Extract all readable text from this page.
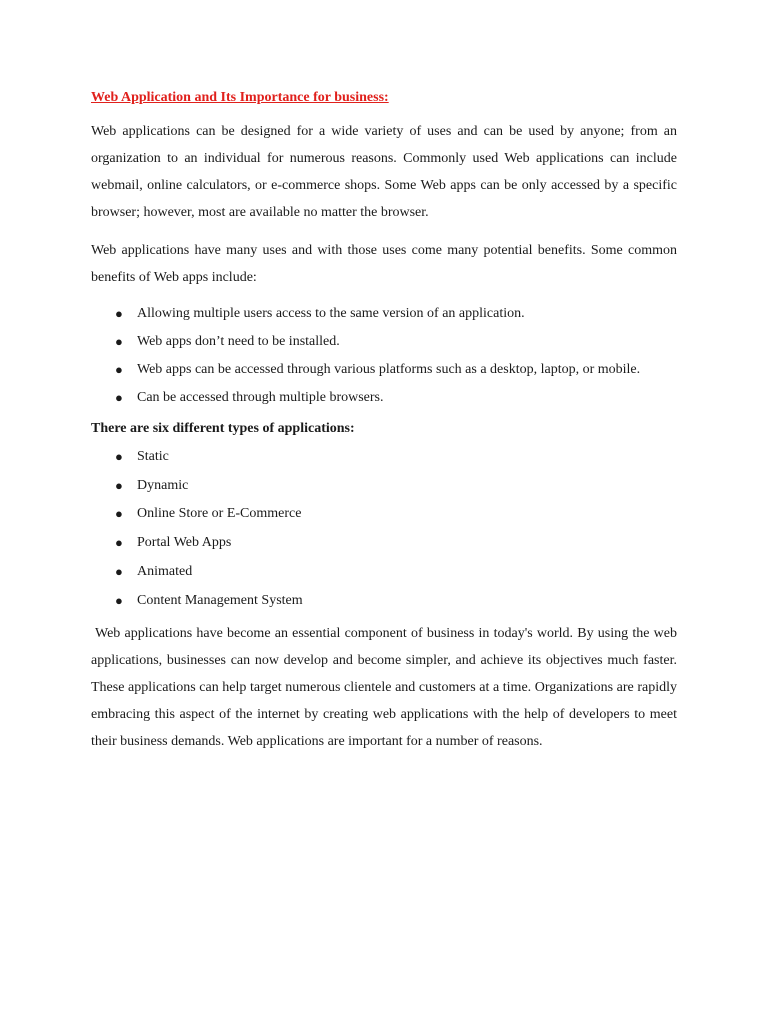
Web Application and Its Importance for business:

Web applications can be designed for a wide variety of uses and can be used by anyone; from an organization to an individual for numerous reasons. Commonly used Web applications can include webmail, online calculators, or e-commerce shops. Some Web apps can be only accessed by a specific browser; however, most are available no matter the browser.

Web applications have many uses and with those uses come many potential benefits. Some common benefits of Web apps include:

● Allowing multiple users access to the same version of an application.
● Web apps don’t need to be installed.
● Web apps can be accessed through various platforms such as a desktop, laptop, or mobile.
● Can be accessed through multiple browsers.
There are six different types of applications:
● Static
● Dynamic
● Online Store or E-Commerce
● Portal Web Apps
● Animated
● Content Management System

Web applications have become an essential component of business in today's world. By using the web applications, businesses can now develop and become simpler, and achieve its objectives much faster. These applications can help target numerous clientele and customers at a time. Organizations are rapidly embracing this aspect of the internet by creating web applications with the help of developers to meet their business demands. Web applications are important for a number of reasons.
